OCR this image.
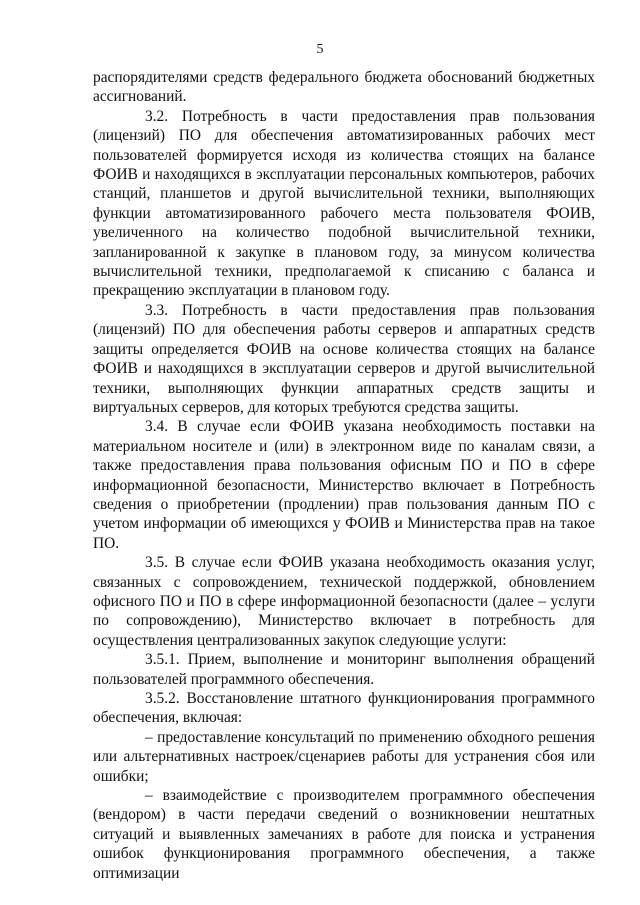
5

распорядителями средств федерального бюджета обоснований бюджетных ассигнований.

3.2. Потребность в части предоставления прав пользования (лицензий) ПО для обеспечения автоматизированных рабочих мест пользователей формируется исходя из количества стоящих на балансе ФОИВ и находящихся в эксплуатации персональных компьютеров, рабочих станций, планшетов и другой вычислительной техники, выполняющих функции автоматизированного рабочего места пользователя ФОИВ, увеличенного на количество подобной вычислительной техники, запланированной к закупке в плановом году, за минусом количества вычислительной техники, предполагаемой к списанию с баланса и прекращению эксплуатации в плановом году.

3.3. Потребность в части предоставления прав пользования (лицензий) ПО для обеспечения работы серверов и аппаратных средств защиты определяется ФОИВ на основе количества стоящих на балансе ФОИВ и находящихся в эксплуатации серверов и другой вычислительной техники, выполняющих функции аппаратных средств защиты и виртуальных серверов, для которых требуются средства защиты.

3.4. В случае если ФОИВ указана необходимость поставки на материальном носителе и (или) в электронном виде по каналам связи, а также предоставления права пользования офисным ПО и ПО в сфере информационной безопасности, Министерство включает в Потребность сведения о приобретении (продлении) прав пользования данным ПО с учетом информации об имеющихся у ФОИВ и Министерства прав на такое ПО.

3.5. В случае если ФОИВ указана необходимость оказания услуг, связанных с сопровождением, технической поддержкой, обновлением офисного ПО и ПО в сфере информационной безопасности (далее – услуги по сопровождению), Министерство включает в потребность для осуществления централизованных закупок следующие услуги:

3.5.1. Прием, выполнение и мониторинг выполнения обращений пользователей программного обеспечения.

3.5.2. Восстановление штатного функционирования программного обеспечения, включая:

– предоставление консультаций по применению обходного решения или альтернативных настроек/сценариев работы для устранения сбоя или ошибки;

– взаимодействие с производителем программного обеспечения (вендором) в части передачи сведений о возникновении нештатных ситуаций и выявленных замечаниях в работе для поиска и устранения ошибок функционирования программного обеспечения, а также оптимизации
